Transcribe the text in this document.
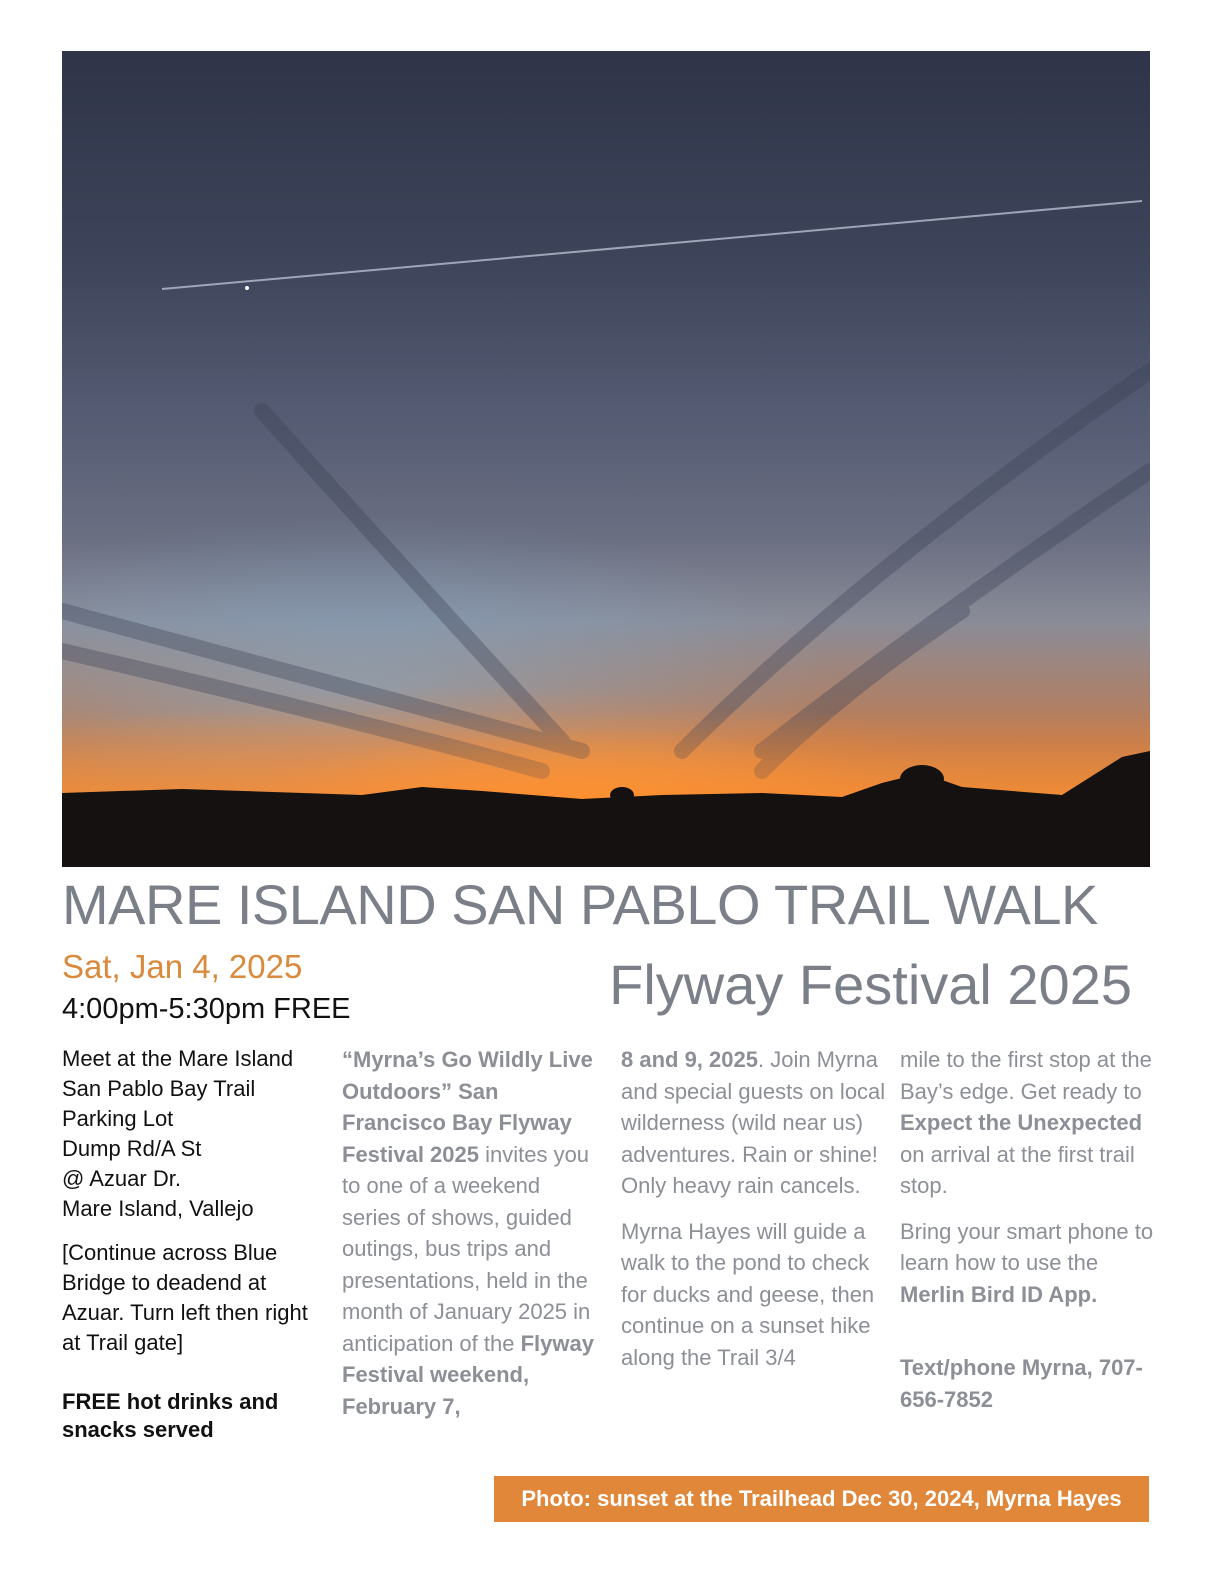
MARE ISLAND SAN PABLO TRAIL WALK
Flyway Festival 2025
Sat, Jan 4, 2025
4:00pm-5:30pm FREE

Meet at the Mare Island

San Pablo Bay Trail

Parking Lot

Dump Rd/A St

@ Azuar Dr.

Mare Island, Vallejo

[Continue across Blue Bridge to deadend at Azuar. Turn left then right at Trail gate]

FREE hot drinks and snacks served

“Myrna’s Go Wildly Live Outdoors” San Francisco Bay Flyway Festival 2025 invites you to one of a weekend series of shows, guided outings, bus trips and presentations, held in the month of January 2025 in anticipation of the Flyway Festival weekend, February 7,

8 and 9, 2025. Join Myrna and special guests on local wilderness (wild near us) adventures. Rain or shine! Only heavy rain cancels.

Myrna Hayes will guide a walk to the pond to check for ducks and geese, then continue on a sunset hike along the Trail 3/4

mile to the first stop at the Bay’s edge. Get ready to Expect the Unexpected on arrival at the first trail stop.

Bring your smart phone to learn how to use the Merlin Bird ID App.

Text/phone Myrna, 707-656-7852

Photo: sunset at the Trailhead Dec 30, 2024, Myrna Hayes
